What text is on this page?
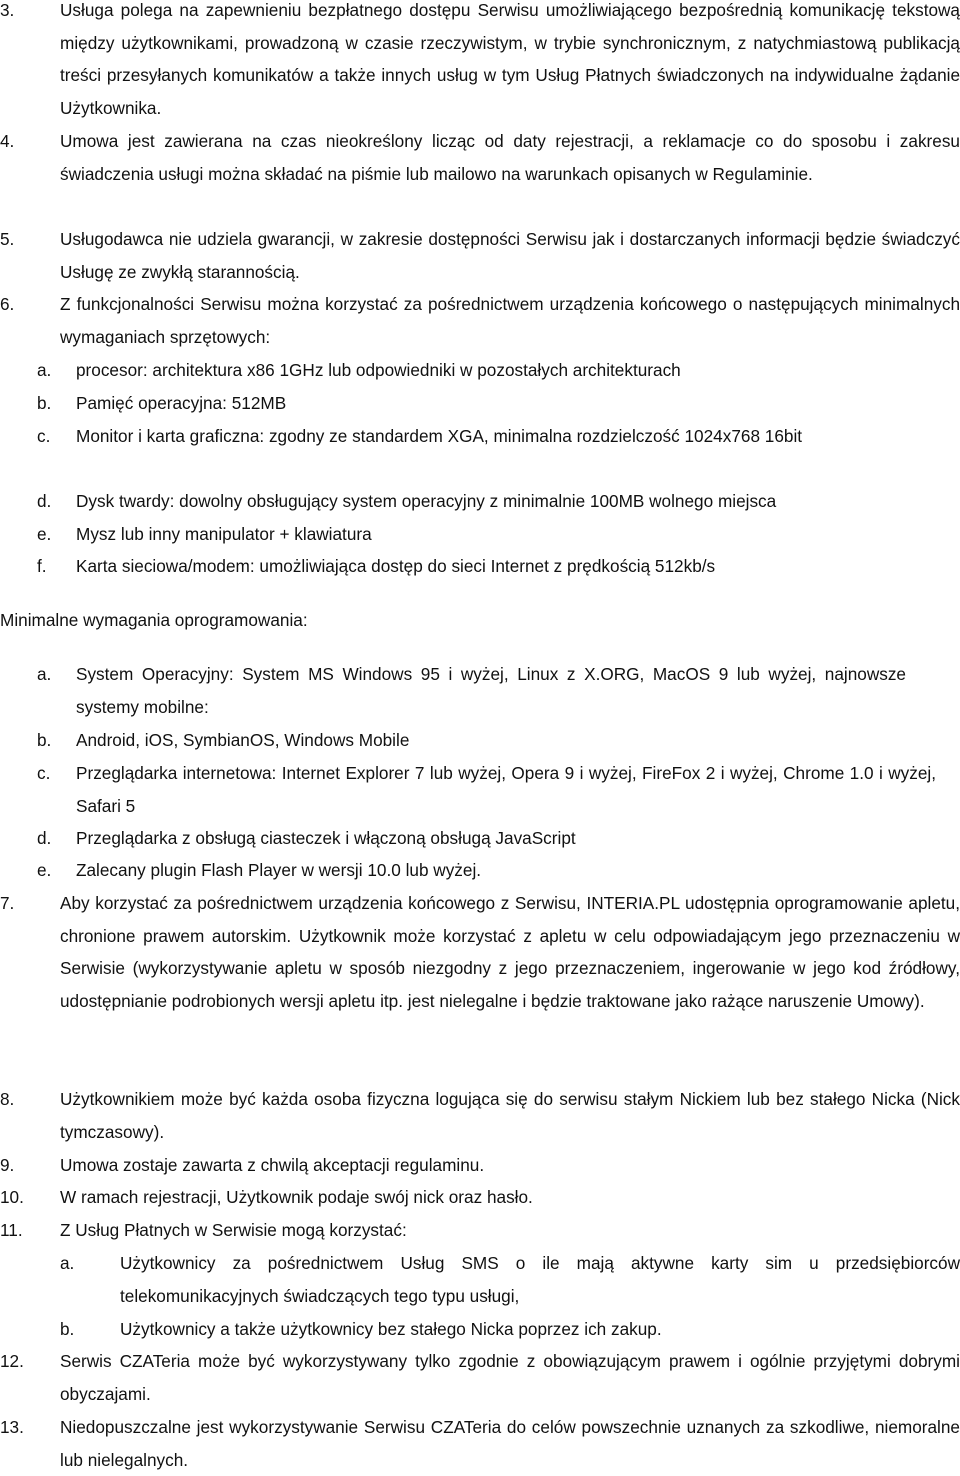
3.	Usługa polega na zapewnieniu bezpłatnego dostępu Serwisu umożliwiającego bezpośrednią komunikację tekstową między użytkownikami, prowadzoną w czasie rzeczywistym, w trybie synchronicznym, z natychmiastową publikacją treści przesyłanych komunikatów a także innych usług w tym Usług Płatnych świadczonych na indywidualne żądanie Użytkownika.

4.	Umowa jest zawierana na czas nieokreślony licząc od daty rejestracji, a reklamacje co do sposobu i zakresu świadczenia usługi można składać na piśmie lub mailowo na warunkach opisanych w Regulaminie.

5.	Usługodawca nie udziela gwarancji, w zakresie dostępności Serwisu jak i dostarczanych informacji będzie świadczyć Usługę ze zwykłą starannością.

6.	Z funkcjonalności Serwisu można korzystać za pośrednictwem urządzenia końcowego o następujących minimalnych wymaganiach sprzętowych:

a. procesor: architektura x86 1GHz lub odpowiedniki w pozostałych architekturach

b. Pamięć operacyjna: 512MB

c. Monitor i karta graficzna: zgodny ze standardem XGA, minimalna rozdzielczość 1024x768 16bit

d. Dysk twardy: dowolny obsługujący system operacyjny z minimalnie 100MB wolnego miejsca

e. Mysz lub inny manipulator + klawiatura

f. Karta sieciowa/modem: umożliwiająca dostęp do sieci Internet z prędkością 512kb/s

Minimalne wymagania oprogramowania:

a. System Operacyjny: System MS Windows 95 i wyżej, Linux z X.ORG, MacOS 9 lub wyżej, najnowsze systemy mobilne:

b. Android, iOS, SymbianOS, Windows Mobile

c. Przeglądarka internetowa: Internet Explorer 7 lub wyżej, Opera 9 i wyżej, FireFox 2 i wyżej, Chrome 1.0 i wyżej, Safari 5

d. Przeglądarka z obsługą ciasteczek i włączoną obsługą JavaScript

e. Zalecany plugin Flash Player w wersji 10.0 lub wyżej.

7.	Aby korzystać za pośrednictwem urządzenia końcowego z Serwisu, INTERIA.PL udostępnia oprogramowanie apletu, chronione prawem autorskim. Użytkownik może korzystać z apletu w celu odpowiadającym jego przeznaczeniu w Serwisie (wykorzystywanie apletu w sposób niezgodny z jego przeznaczeniem, ingerowanie w jego kod źródłowy, udostępnianie podrobionych wersji apletu itp. jest nielegalne i będzie traktowane jako rażące naruszenie Umowy).

8.	Użytkownikiem może być każda osoba fizyczna logująca się do serwisu stałym Nickiem lub bez stałego Nicka (Nick tymczasowy).

9.	Umowa zostaje zawarta z chwilą akceptacji regulaminu.

10. W ramach rejestracji, Użytkownik podaje swój nick oraz hasło.

11. Z Usług Płatnych w Serwisie mogą korzystać:

a.	Użytkownicy za pośrednictwem Usług SMS o ile mają aktywne karty sim u przedsiębiorców telekomunikacyjnych świadczących tego typu usługi,

b.	Użytkownicy a także użytkownicy bez stałego Nicka poprzez ich zakup.

12. Serwis CZATeria może być wykorzystywany tylko zgodnie z obowiązującym prawem i ogólnie przyjętymi dobrymi obyczajami.

13. Niedopuszczalne jest wykorzystywanie Serwisu CZATeria do celów powszechnie uznanych za szkodliwe, niemoralne lub nielegalnych.
